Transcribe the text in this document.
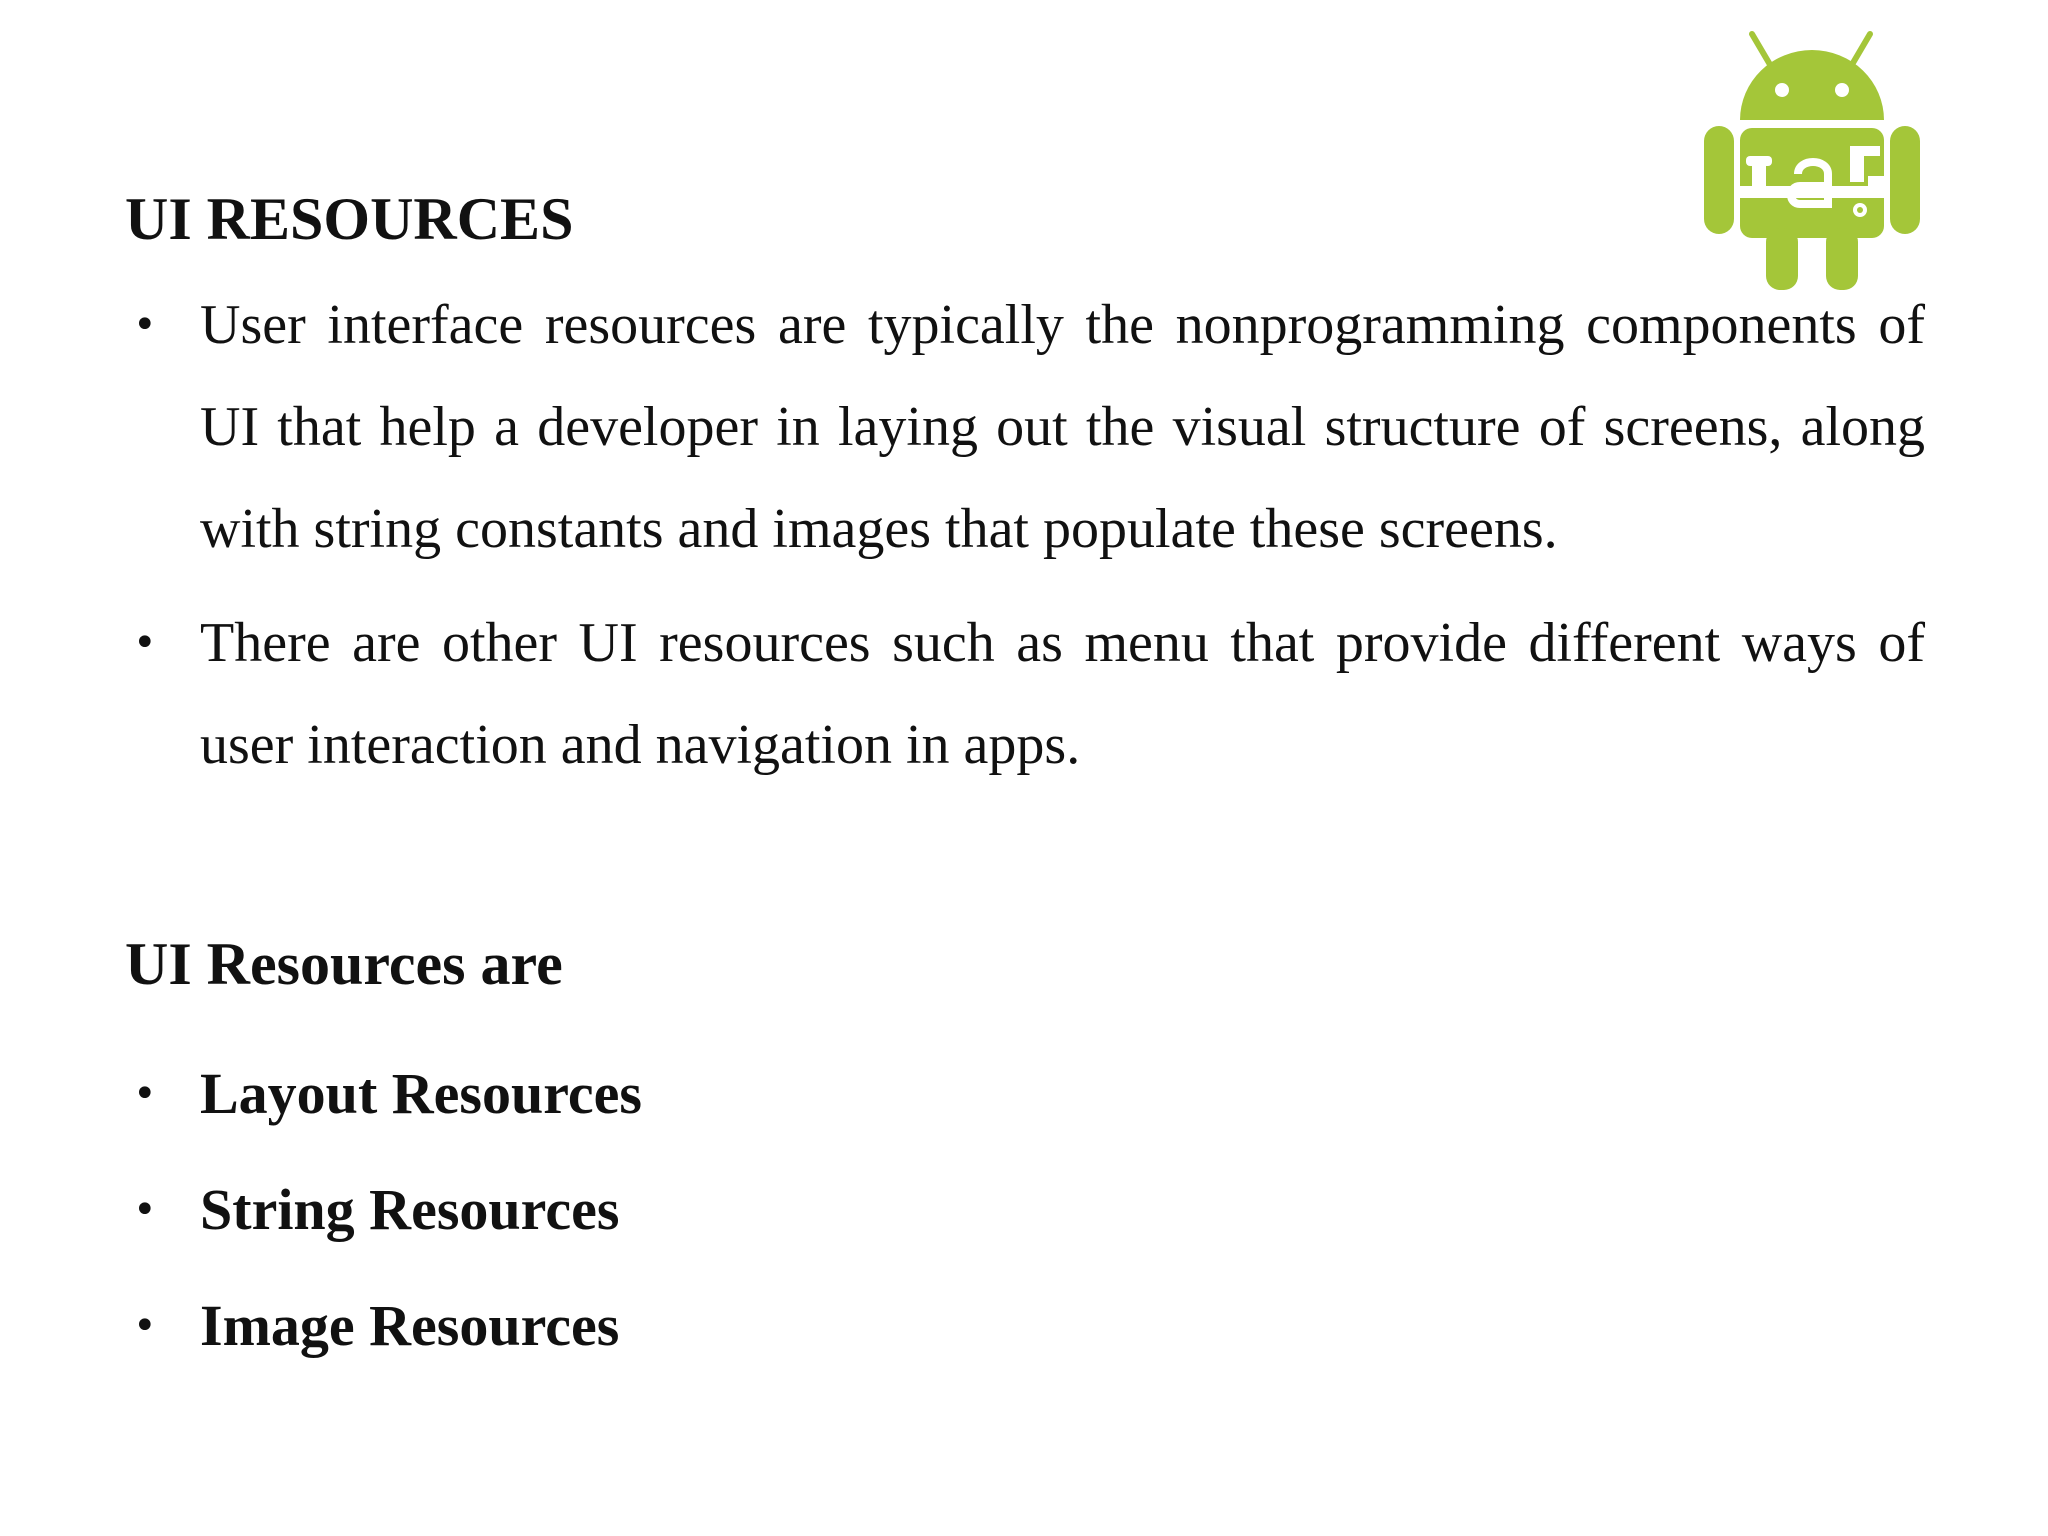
UI RESOURCES
• User interface resources are typically the nonprogramming components of UI that help a developer in laying out the visual structure of screens, along with string constants and images that populate these screens.
• There are other UI resources such as menu that provide different ways of user interaction and navigation in apps.
UI Resources are
• Layout Resources
• String Resources
• Image Resources
